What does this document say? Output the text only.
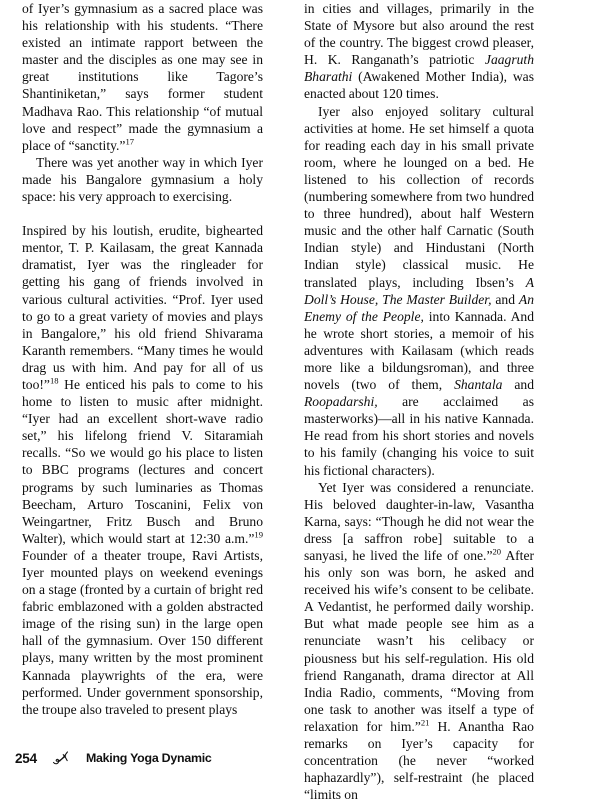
of Iyer’s gymnasium as a sacred place was his relationship with his students. “There existed an intimate rapport between the master and the disciples as one may see in great institutions like Tagore’s Shantiniketan,” says former student Madhava Rao. This relationship “of mutual love and respect” made the gymnasium a place of “sanctity.”$^{17}$

There was yet another way in which Iyer made his Bangalore gymnasium a holy space: his very approach to exercising.

Inspired by his loutish, erudite, bighearted mentor, T. P. Kailasam, the great Kannada dramatist, Iyer was the ringleader for getting his gang of friends involved in various cultural activities. “Prof. Iyer used to go to a great variety of movies and plays in Bangalore,” his old friend Shivarama Karanth remembers. “Many times he would drag us with him. And pay for all of us too!”$^{18}$ He enticed his pals to come to his home to listen to music after midnight. “Iyer had an excellent short-wave radio set,” his lifelong friend V. Sitaramiah recalls. “So we would go his place to listen to BBC programs (lectures and concert programs by such luminaries as Thomas Beecham, Arturo Toscanini, Felix von Weingartner, Fritz Busch and Bruno Walter), which would start at 12:30 a.m.”$^{19}$ Founder of a theater troupe, Ravi Artists, Iyer mounted plays on weekend evenings on a stage (fronted by a curtain of bright red fabric emblazoned with a golden abstracted image of the rising sun) in the large open hall of the gymnasium. Over 150 different plays, many written by the most prominent Kannada playwrights of the era, were performed. Under government sponsorship, the troupe also traveled to present plays

in cities and villages, primarily in the State of Mysore but also around the rest of the country. The biggest crowd pleaser, H. K. Ranganath’s patriotic Jaagruth Bharathi (Awakened Mother India), was enacted about 120 times.

Iyer also enjoyed solitary cultural activities at home. He set himself a quota for reading each day in his small private room, where he lounged on a bed. He listened to his collection of records (numbering somewhere from two hundred to three hundred), about half Western music and the other half Carnatic (South Indian style) and Hindustani (North Indian style) classical music. He translated plays, including Ibsen’s A Doll’s House, The Master Builder, and An Enemy of the People, into Kannada. And he wrote short stories, a memoir of his adventures with Kailasam (which reads more like a bildungsroman), and three novels (two of them, Shantala and Roopadarshi, are acclaimed as masterworks)—all in his native Kannada. He read from his short stories and novels to his family (changing his voice to suit his fictional characters).

Yet Iyer was considered a renunciate. His beloved daughter-in-law, Vasantha Karna, says: “Though he did not wear the dress [a saffron robe] suitable to a sanyasi, he lived the life of one.”$^{20}$ After his only son was born, he asked and received his wife’s consent to be celibate. A Vedantist, he performed daily worship. But what made people see him as a renunciate wasn’t his celibacy or piousness but his self-regulation. His old friend Ranganath, drama director at All India Radio, comments, “Moving from one task to another was itself a type of relaxation for him.”$^{21}$ H. Anantha Rao remarks on Iyer’s capacity for concentration (he never “worked haphazardly”), self-restraint (he placed “limits on

254	Making Yoga Dynamic
